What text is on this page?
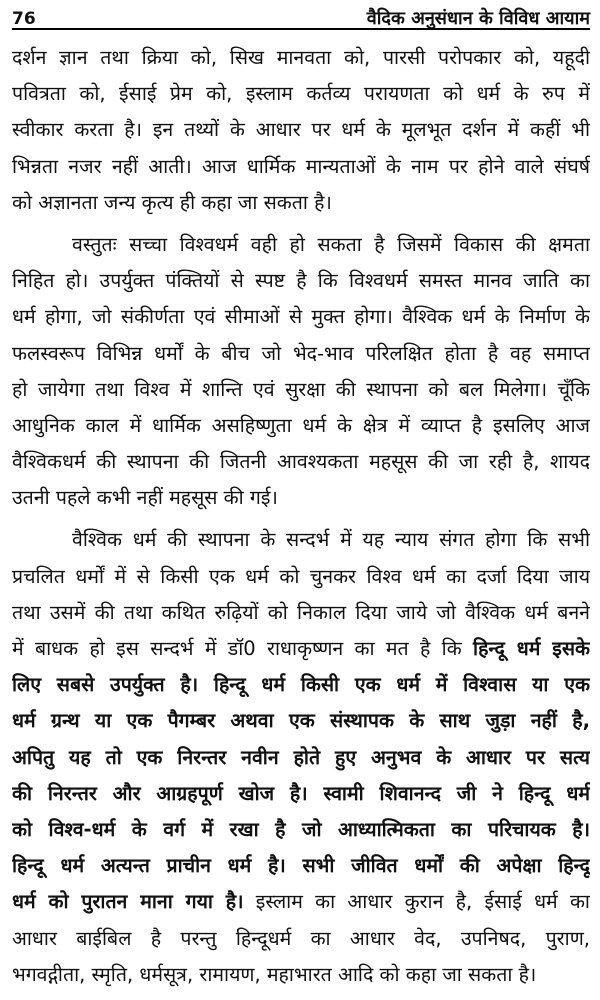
76	वैदिक अनुसंधान के विविध आयाम
दर्शन ज्ञान तथा क्रिया को, सिख मानवता को, पारसी परोपकार को, यहूदी
पवित्रता को, ईसाई प्रेम को, इस्लाम कर्तव्य परायणता को धर्म के रुप में
स्वीकार करता है। इन तथ्यों के आधार पर धर्म के मूलभूत दर्शन में कहीं भी
भिन्नता नजर नहीं आती। आज धार्मिक मान्यताओं के नाम पर होने वाले संघर्ष
को अज्ञानता जन्य कृत्य ही कहा जा सकता है।
वस्तुतः सच्चा विश्वधर्म वही हो सकता है जिसमें विकास की क्षमता
निहित हो। उपर्युक्त पंक्तियों से स्पष्ट है कि विश्वधर्म समस्त मानव जाति का
धर्म होगा, जो संकीर्णता एवं सीमाओं से मुक्त होगा। वैश्विक धर्म के निर्माण के
फलस्वरूप विभिन्न धर्मों के बीच जो भेद-भाव परिलक्षित होता है वह समाप्त
हो जायेगा तथा विश्व में शान्ति एवं सुरक्षा की स्थापना को बल मिलेगा। चूँकि
आधुनिक काल में धार्मिक असहिष्णुता धर्म के क्षेत्र में व्याप्त है इसलिए आज
वैश्विकधर्म की स्थापना की जितनी आवश्यकता महसूस की जा रही है, शायद
उतनी पहले कभी नहीं महसूस की गई।
वैश्विक धर्म की स्थापना के सन्दर्भ में यह न्याय संगत होगा कि सभी
प्रचलित धर्मों में से किसी एक धर्म को चुनकर विश्व धर्म का दर्जा दिया जाय
तथा उसमें की तथा कथित रुढ़ियों को निकाल दिया जाये जो वैश्विक धर्म बनने
में बाधक हो इस सन्दर्भ में डॉ0 राधाकृष्णन का मत है कि हिन्दू धर्म इसके
लिए सबसे उपर्युक्त है। हिन्दू धर्म किसी एक धर्म में विश्वास या एक
धर्म ग्रन्थ या एक पैगम्बर अथवा एक संस्थापक के साथ जुड़ा नहीं है,
अपितु यह तो एक निरन्तर नवीन होते हुए अनुभव के आधार पर सत्य
की निरन्तर और आग्रहपूर्ण खोज है। स्वामी शिवानन्द जी ने हिन्दू धर्म
को विश्व-धर्म के वर्ग में रखा है जो आध्यात्मिकता का परिचायक है।
हिन्दू धर्म अत्यन्त प्राचीन धर्म है। सभी जीवित धर्मों की अपेक्षा हिन्दू
धर्म को पुरातन माना गया है। इस्लाम का आधार कुरान है, ईसाई धर्म का
आधार बाईबिल है परन्तु हिन्दूधर्म का आधार वेद, उपनिषद, पुराण,
भगवद्गीता, स्मृति, धर्मसूत्र, रामायण, महाभारत आदि को कहा जा सकता है।
